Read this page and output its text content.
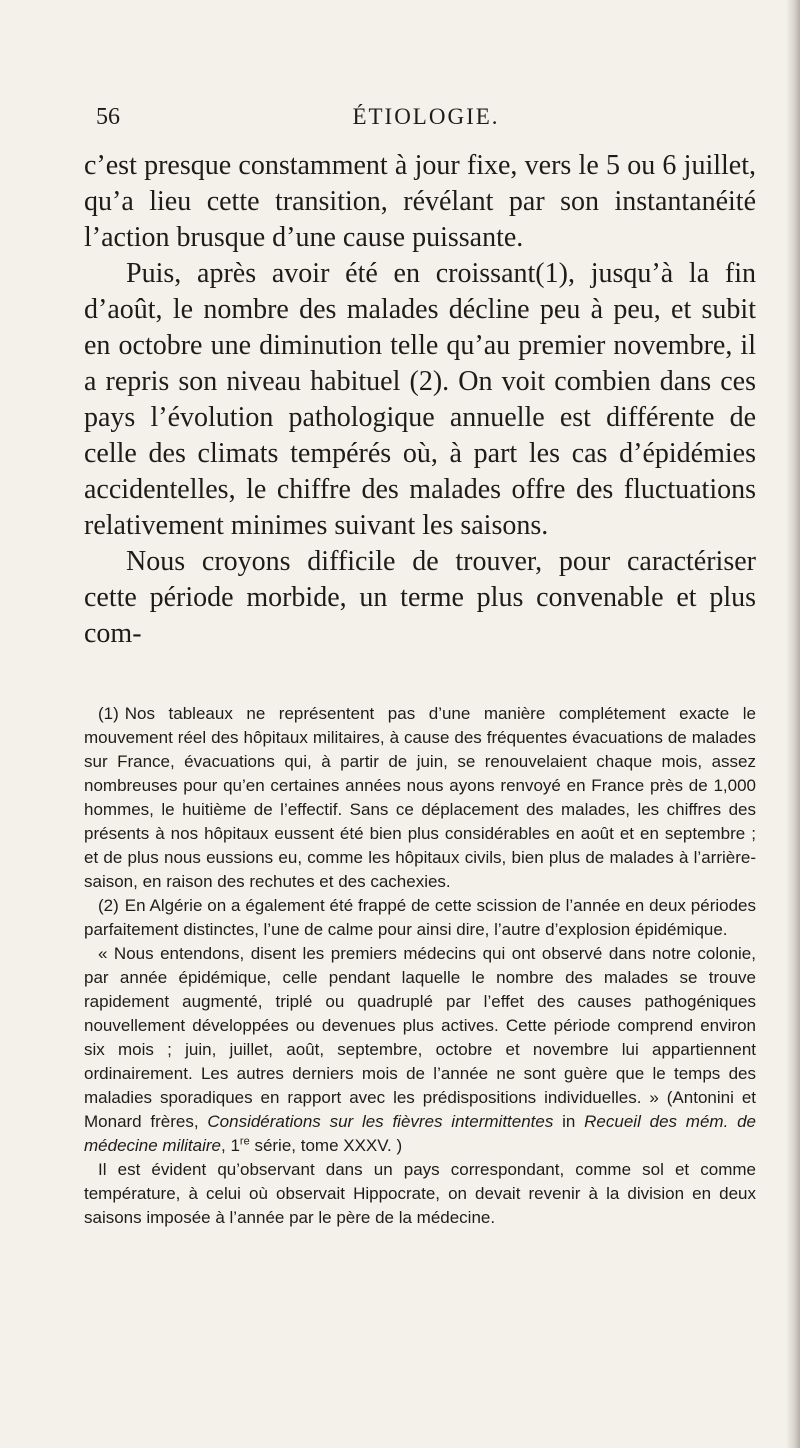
56	ÉTIOLOGIE.

c’est presque constamment à jour fixe, vers le 5 ou 6 juillet, qu’a lieu cette transition, révélant par son instantanéité l’action brusque d’une cause puissante.

Puis, après avoir été en croissant(1), jusqu’à la fin d’août, le nombre des malades décline peu à peu, et subit en octobre une diminution telle qu’au premier novembre, il a repris son niveau habituel (2). On voit combien dans ces pays l’évolution pathologique annuelle est différente de celle des climats tempérés où, à part les cas d’épidémies accidentelles, le chiffre des malades offre des fluctuations relativement minimes suivant les saisons.

Nous croyons difficile de trouver, pour caractériser cette période morbide, un terme plus convenable et plus com-

(1) Nos tableaux ne représentent pas d’une manière complétement exacte le mouvement réel des hôpitaux militaires, à cause des fréquentes évacuations de malades sur France, évacuations qui, à partir de juin, se renouvelaient chaque mois, assez nombreuses pour qu’en certaines années nous ayons renvoyé en France près de 1,000 hommes, le huitième de l’effectif. Sans ce déplacement des malades, les chiffres des présents à nos hôpitaux eussent été bien plus considérables en août et en septembre ; et de plus nous eussions eu, comme les hôpitaux civils, bien plus de malades à l’arrière-saison, en raison des rechutes et des cachexies.

(2) En Algérie on a également été frappé de cette scission de l’année en deux périodes parfaitement distinctes, l’une de calme pour ainsi dire, l’autre d’explosion épidémique.

« Nous entendons, disent les premiers médecins qui ont observé dans notre colonie, par année épidémique, celle pendant laquelle le nombre des malades se trouve rapidement augmenté, triplé ou quadruplé par l’effet des causes pathogéniques nouvellement développées ou devenues plus actives. Cette période comprend environ six mois ; juin, juillet, août, septembre, octobre et novembre lui appartiennent ordinairement. Les autres derniers mois de l’année ne sont guère que le temps des maladies sporadiques en rapport avec les prédispositions individuelles. » (Antonini et Monard frères, Considérations sur les fièvres intermittentes in Recueil des mém. de médecine militaire, 1re série, tome XXXV. )

Il est évident qu’observant dans un pays correspondant, comme sol et comme température, à celui où observait Hippocrate, on devait revenir à la division en deux saisons imposée à l’année par le père de la médecine.
